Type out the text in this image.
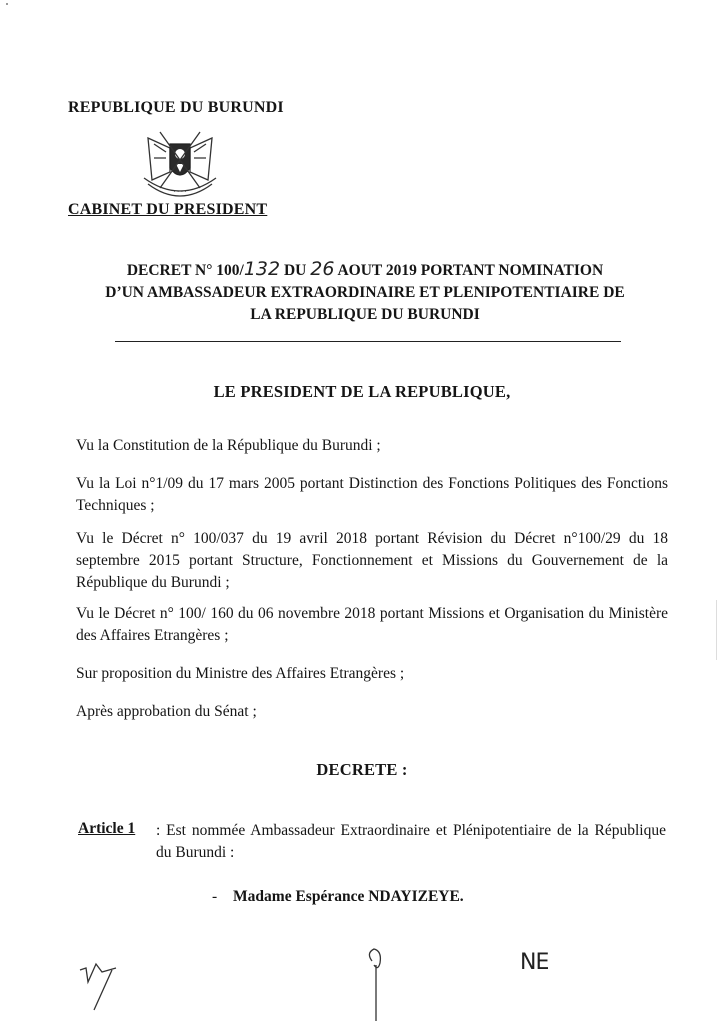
REPUBLIQUE DU BURUNDI
· · · ·
CABINET DU PRESIDENT
DECRET N° 100/132 DU 26 AOUT 2019 PORTANT NOMINATION
D’UN AMBASSADEUR EXTRAORDINAIRE ET PLENIPOTENTIAIRE DE
LA REPUBLIQUE DU BURUNDI
LE PRESIDENT DE LA REPUBLIQUE,
Vu la Constitution de la République du Burundi ;
Vu la Loi n°1/09 du 17 mars 2005 portant Distinction des Fonctions Politiques des Fonctions Techniques ;
Vu le Décret n° 100/037 du 19 avril 2018 portant Révision du Décret n°100/29 du 18 septembre 2015 portant Structure, Fonctionnement et Missions du Gouvernement de la République du Burundi ;
Vu le Décret n° 100/ 160 du 06 novembre 2018 portant Missions et Organisation du Ministère des Affaires Etrangères ;
Sur proposition du Ministre des Affaires Etrangères ;
Après approbation du Sénat ;
DECRETE :
Article 1 : Est nommée Ambassadeur Extraordinaire et Plénipotentiaire de la République du Burundi :
- Madame Espérance NDAYIZEYE.
NE
